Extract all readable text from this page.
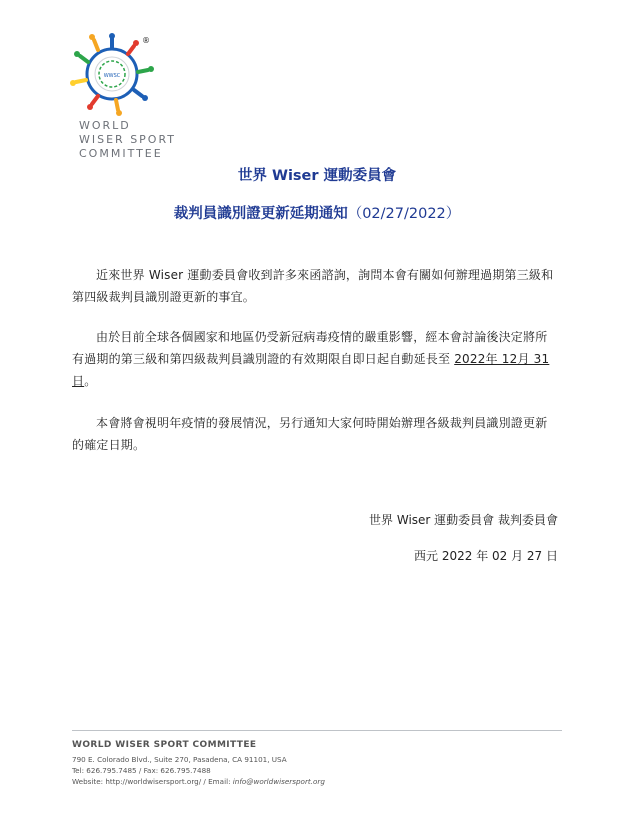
WWSC
®
WORLD
WISER SPORT
COMMITTEE
世界 Wiser 運動委員會
裁判員識別證更新延期通知（02/27/2022）
近來世界 Wiser 運動委員會收到許多來函諮詢，詢問本會有關如何辦理過期第三級和第四級裁判員識別證更新的事宜。
由於目前全球各個國家和地區仍受新冠病毒疫情的嚴重影響，經本會討論後決定將所有過期的第三級和第四級裁判員識別證的有效期限自即日起自動延長至 2022年 12月 31日。
本會將會視明年疫情的發展情況，另行通知大家何時開始辦理各級裁判員識別證更新的確定日期。
世界 Wiser 運動委員會 裁判委員會
西元 2022 年 02 月 27 日
WORLD WISER SPORT COMMITTEE
790 E. Colorado Blvd., Suite 270, Pasadena, CA 91101, USA
Tel: 626.795.7485 / Fax: 626.795.7488
Website: http://worldwisersport.org/ / Email: info@worldwisersport.org
